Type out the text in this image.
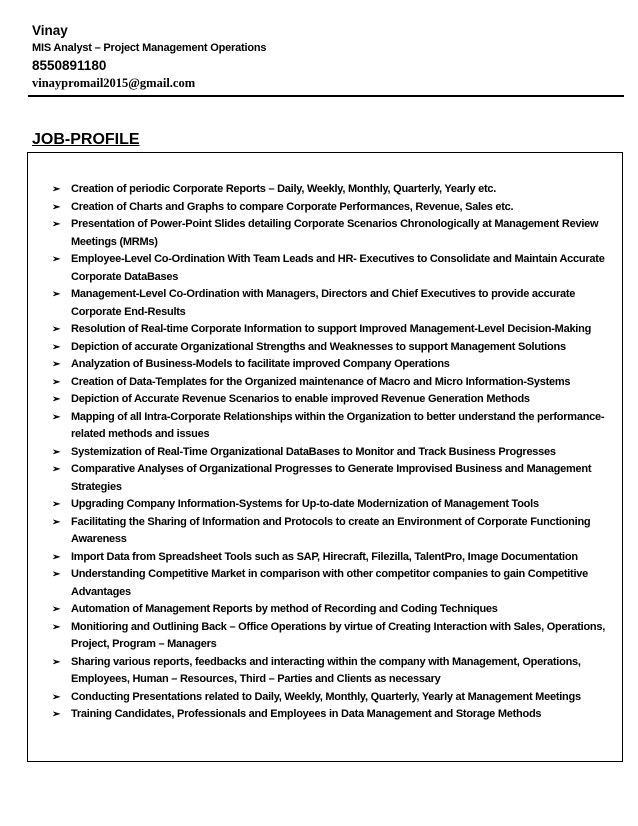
Vinay
MIS Analyst – Project Management Operations
8550891180
vinaypromail2015@gmail.com
JOB-PROFILE
➢ Creation of periodic Corporate Reports – Daily, Weekly, Monthly, Quarterly, Yearly etc.
➢ Creation of Charts and Graphs to compare Corporate Performances, Revenue, Sales etc.
➢ Presentation of Power-Point Slides detailing Corporate Scenarios Chronologically at Management Review Meetings (MRMs)
➢ Employee-Level Co-Ordination With Team Leads and HR- Executives to Consolidate and Maintain Accurate Corporate DataBases
➢ Management-Level Co-Ordination with Managers, Directors and Chief Executives to provide accurate Corporate End-Results
➢ Resolution of Real-time Corporate Information to support Improved Management-Level Decision-Making
➢ Depiction of accurate Organizational Strengths and Weaknesses to support Management Solutions
➢ Analyzation of Business-Models to facilitate improved Company Operations
➢ Creation of Data-Templates for the Organized maintenance of Macro and Micro Information-Systems
➢ Depiction of Accurate Revenue Scenarios to enable improved Revenue Generation Methods
➢ Mapping of all Intra-Corporate Relationships within the Organization to better understand the performance-related methods and issues
➢ Systemization of Real-Time Organizational DataBases to Monitor and Track Business Progresses
➢ Comparative Analyses of Organizational Progresses to Generate Improvised Business and Management Strategies
➢ Upgrading Company Information-Systems for Up-to-date Modernization of Management Tools
➢ Facilitating the Sharing of Information and Protocols to create an Environment of Corporate Functioning Awareness
➢ Import Data from Spreadsheet Tools such as SAP, Hirecraft, Filezilla, TalentPro, Image Documentation
➢ Understanding Competitive Market in comparison with other competitor companies to gain Competitive Advantages
➢ Automation of Management Reports by method of Recording and Coding Techniques
➢ Monitioring and Outlining Back – Office Operations by virtue of Creating Interaction with Sales, Operations, Project, Program – Managers
➢ Sharing various reports, feedbacks and interacting within the company with Management, Operations, Employees, Human – Resources, Third – Parties and Clients as necessary
➢ Conducting Presentations related to Daily, Weekly, Monthly, Quarterly, Yearly at Management Meetings
➢ Training Candidates, Professionals and Employees in Data Management and Storage Methods
